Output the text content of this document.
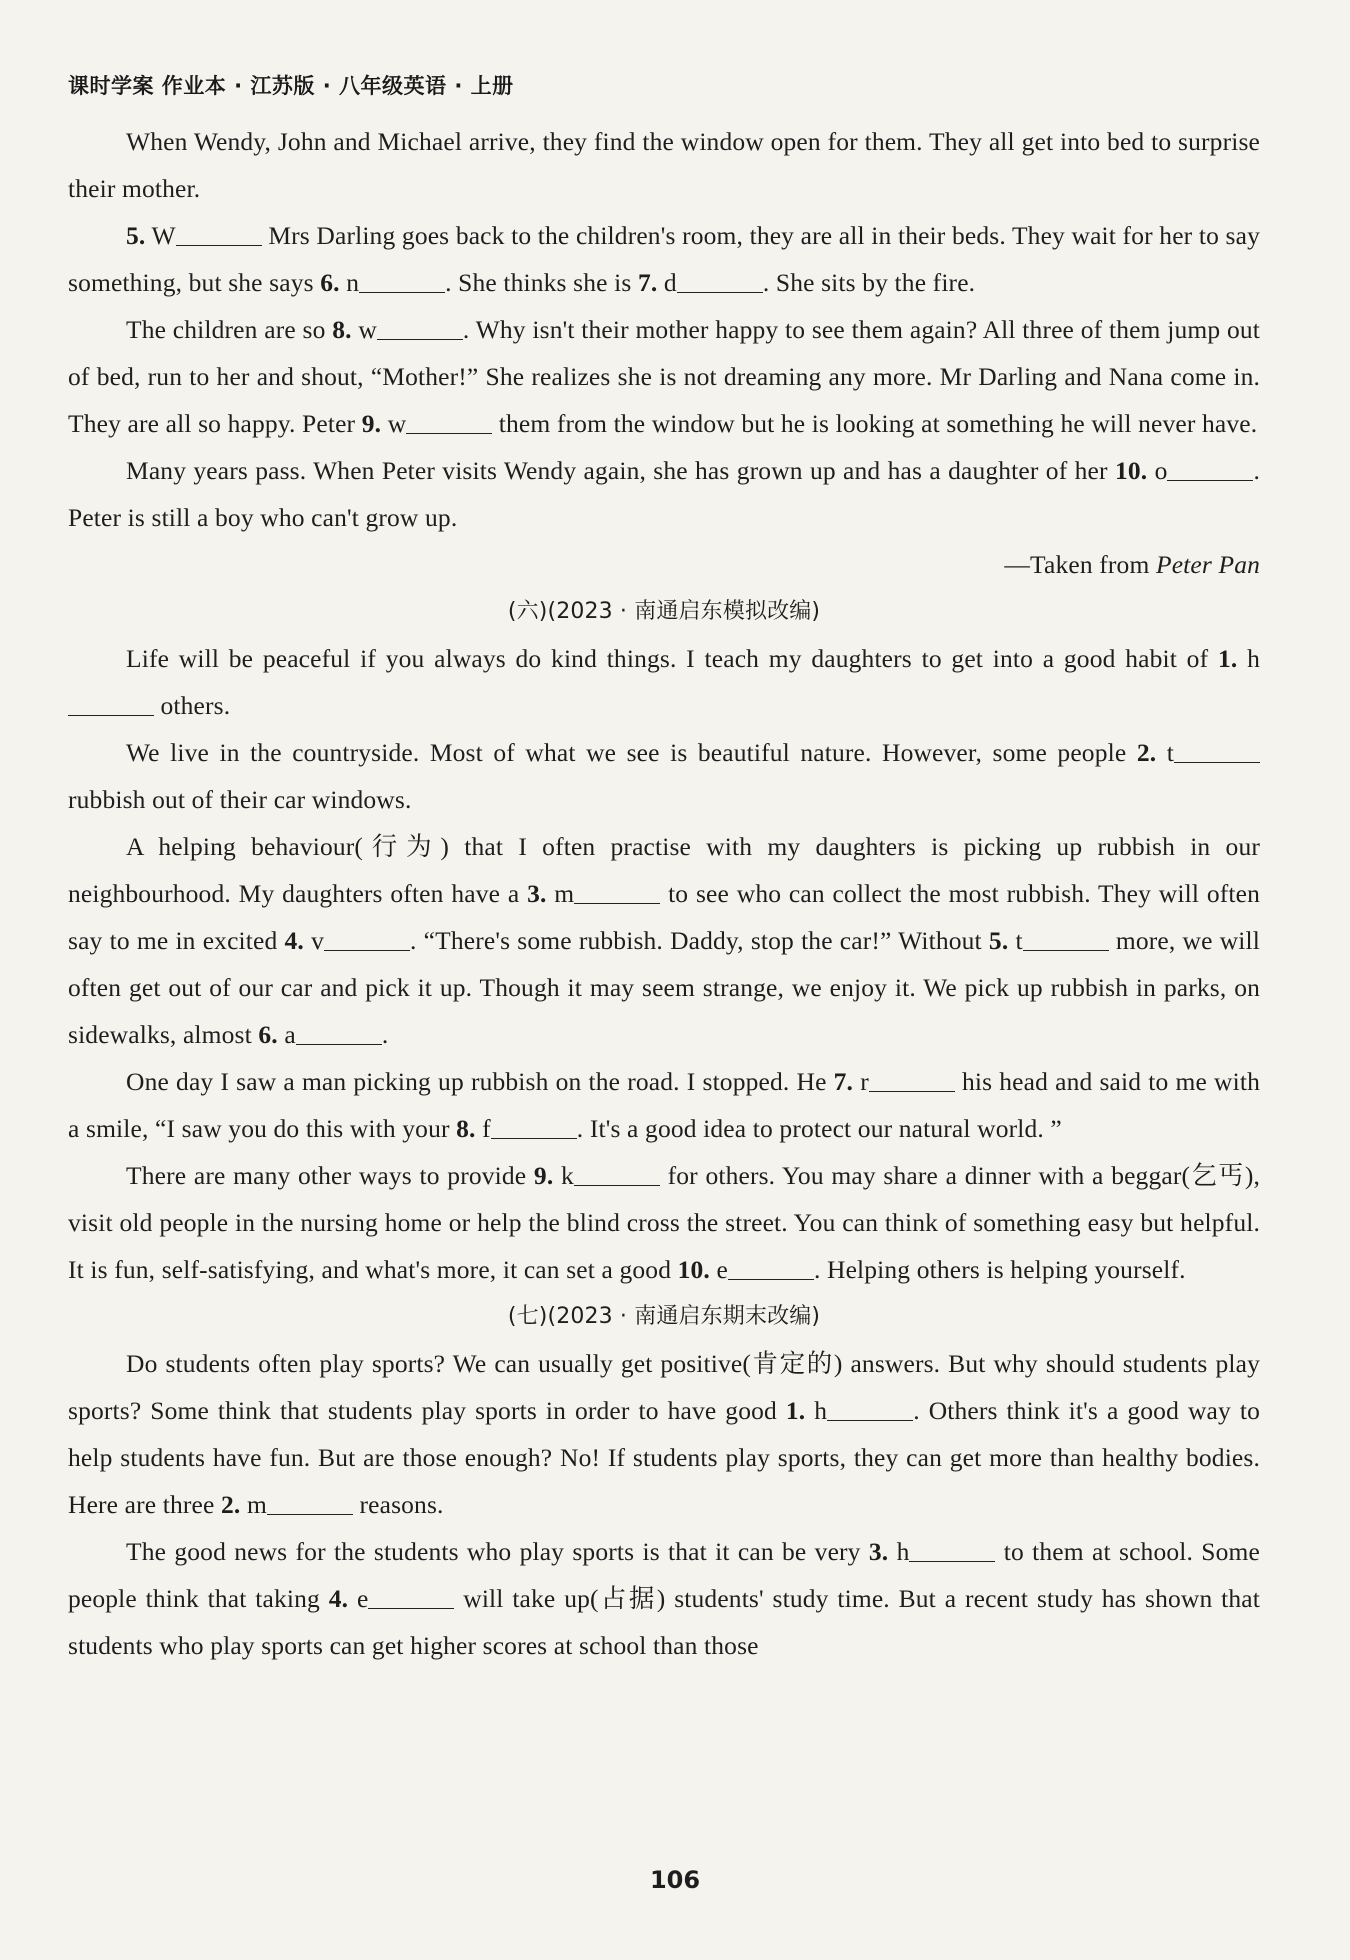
课时学案 作业本 · 江苏版 · 八年级英语 · 上册

When Wendy, John and Michael arrive, they find the window open for them. They all get into bed to surprise their mother.

5. W	Mrs Darling goes back to the children's room, they are all in their beds. They wait for her to say something, but she says 6. n	. She thinks she is 7. d	. She sits by the fire.

The children are so 8. w	. Why isn't their mother happy to see them again? All three of them jump out of bed, run to her and shout, “Mother!” She realizes she is not dreaming any more. Mr Darling and Nana come in. They are all so happy. Peter 9. w	them from the window but he is looking at something he will never have.

Many years pass. When Peter visits Wendy again, she has grown up and has a daughter of her 10. o	. Peter is still a boy who can't grow up.

—Taken from Peter Pan

(六)(2023 · 南通启东模拟改编)

Life will be peaceful if you always do kind things. I teach my daughters to get into a good habit of 1. h others.

We live in the countryside. Most of what we see is beautiful nature. However, some people 2. t rubbish out of their car windows.

A helping behaviour(行为) that I often practise with my daughters is picking up rubbish in our neighbourhood. My daughters often have a 3. m	to see who can collect the most rubbish. They will often say to me in excited 4. v	. “There's some rubbish. Daddy, stop the car!” Without 5. t	more, we will often get out of our car and pick it up. Though it may seem strange, we enjoy it. We pick up rubbish in parks, on sidewalks, almost 6. a	.

One day I saw a man picking up rubbish on the road. I stopped. He 7. r	his head and said to me with a smile, “I saw you do this with your 8. f	. It's a good idea to protect our natural world. ”

There are many other ways to provide 9. k	for others. You may share a dinner with a beggar(乞丐), visit old people in the nursing home or help the blind cross the street. You can think of something easy but helpful. It is fun, self-satisfying, and what's more, it can set a good 10. e	. Helping others is helping yourself.

(七)(2023 · 南通启东期末改编)

Do students often play sports? We can usually get positive(肯定的) answers. But why should students play sports? Some think that students play sports in order to have good 1. h	. Others think it's a good way to help students have fun. But are those enough? No! If students play sports, they can get more than healthy bodies. Here are three 2. m	reasons.

The good news for the students who play sports is that it can be very 3. h	to them at school. Some people think that taking 4. e	will take up(占据) students' study time. But a recent study has shown that students who play sports can get higher scores at school than those

106
